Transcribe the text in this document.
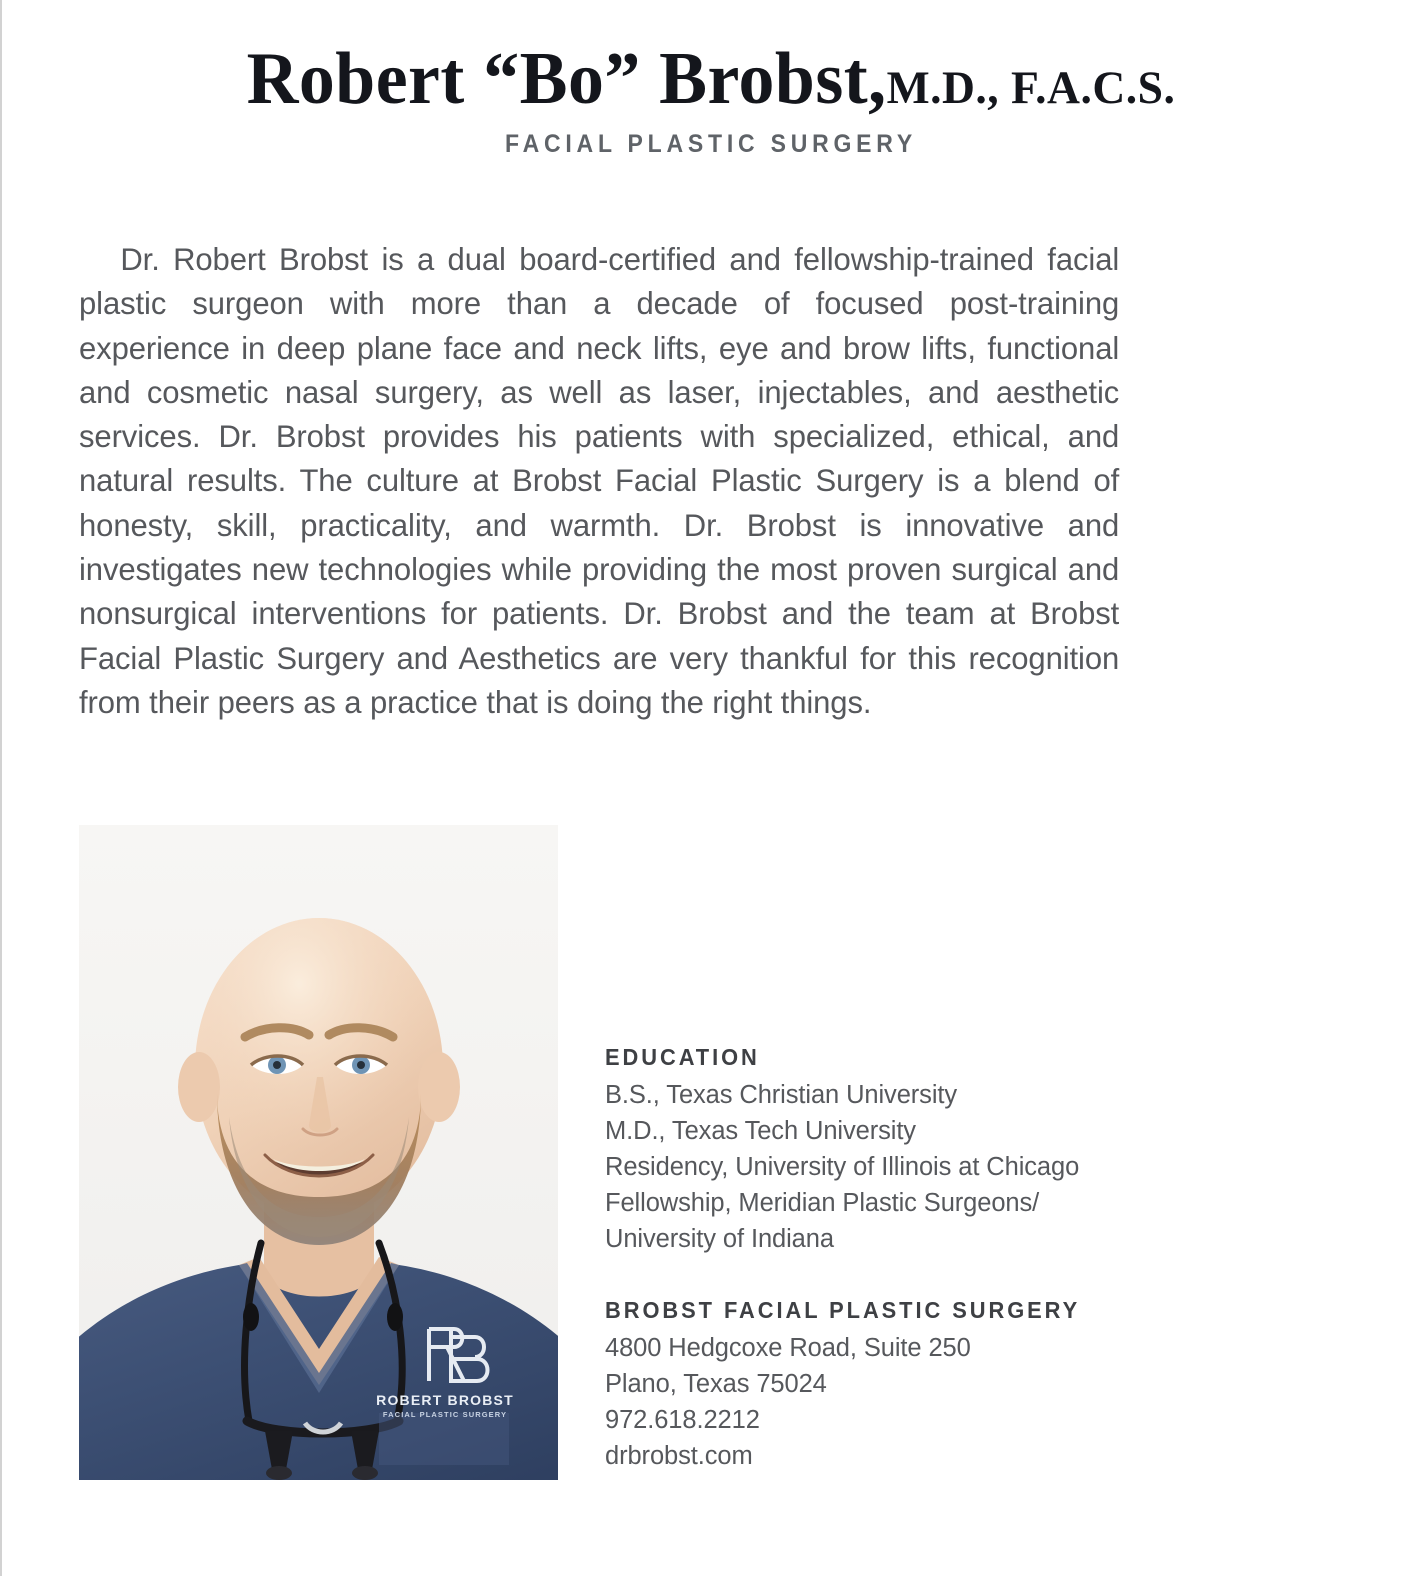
Robert “Bo” Brobst,M.D., F.A.C.S.
FACIAL PLASTIC SURGERY
Dr. Robert Brobst is a dual board-certified and fellowship-trained facial plastic surgeon with more than a decade of focused post-training experience in deep plane face and neck lifts, eye and brow lifts, functional and cosmetic nasal surgery, as well as laser, injectables, and aesthetic services. Dr. Brobst provides his patients with specialized, ethical, and natural results. The culture at Brobst Facial Plastic Surgery is a blend of honesty, skill, practicality, and warmth. Dr. Brobst is innovative and investigates new technologies while providing the most proven surgical and nonsurgical interventions for patients. Dr. Brobst and the team at Brobst Facial Plastic Surgery and Aesthetics are very thankful for this recognition from their peers as a practice that is doing the right things.
ROBERT BROBST
FACIAL PLASTIC SURGERY
EDUCATION
B.S., Texas Christian University
M.D., Texas Tech University
Residency, University of Illinois at Chicago
Fellowship, Meridian Plastic Surgeons/
University of Indiana
BROBST FACIAL PLASTIC SURGERY
4800 Hedgcoxe Road, Suite 250
Plano, Texas 75024
972.618.2212
drbrobst.com
